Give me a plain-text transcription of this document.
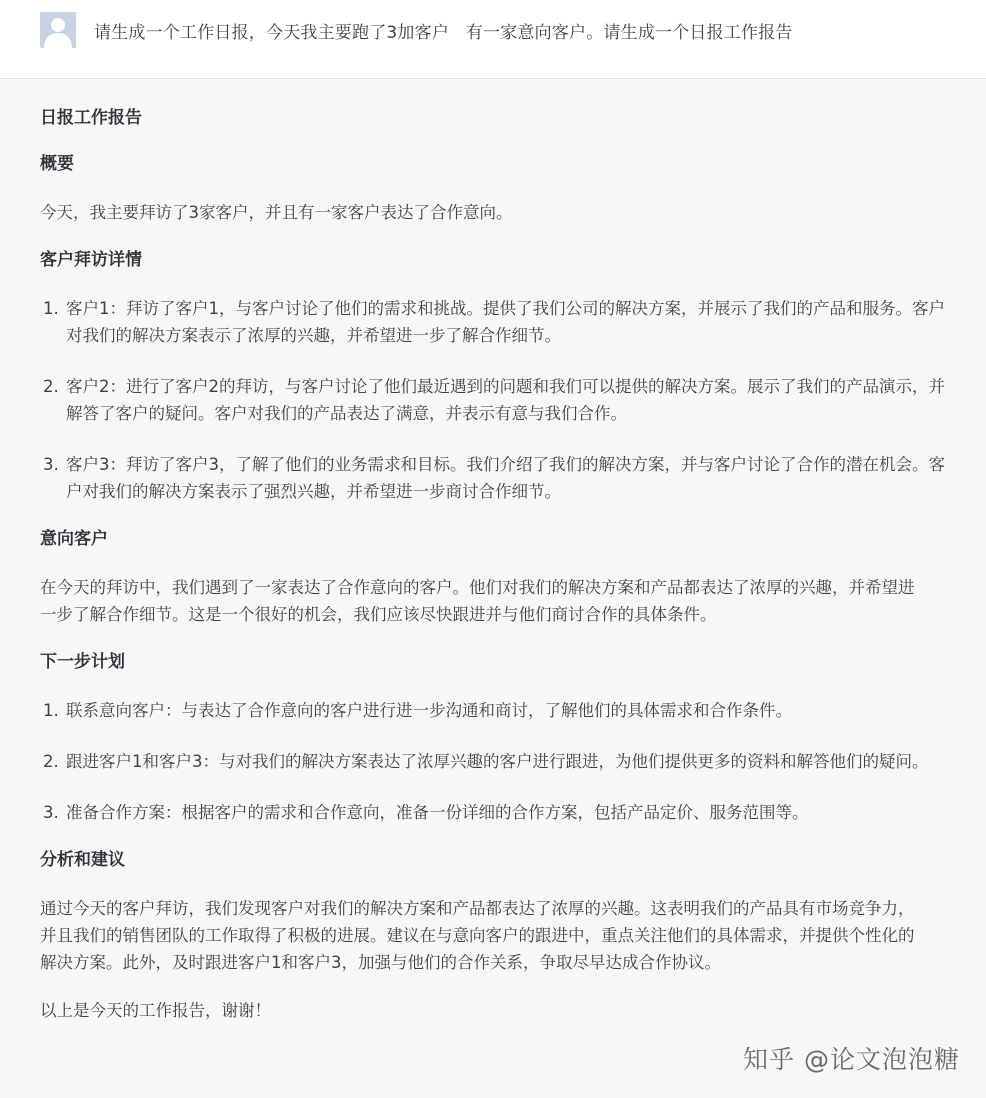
请生成一个工作日报，今天我主要跑了3加客户   有一家意向客户。请生成一个日报工作报告
日报工作报告
概要
今天，我主要拜访了3家客户，并且有一家客户表达了合作意向。
客户拜访详情
1. 客户1：拜访了客户1，与客户讨论了他们的需求和挑战。提供了我们公司的解决方案，并展示了我们的产品和服务。客户对我们的解决方案表示了浓厚的兴趣，并希望进一步了解合作细节。
2. 客户2：进行了客户2的拜访，与客户讨论了他们最近遇到的问题和我们可以提供的解决方案。展示了我们的产品演示，并解答了客户的疑问。客户对我们的产品表达了满意，并表示有意与我们合作。
3. 客户3：拜访了客户3，了解了他们的业务需求和目标。我们介绍了我们的解决方案，并与客户讨论了合作的潜在机会。客户对我们的解决方案表示了强烈兴趣，并希望进一步商讨合作细节。
意向客户
在今天的拜访中，我们遇到了一家表达了合作意向的客户。他们对我们的解决方案和产品都表达了浓厚的兴趣，并希望进一步了解合作细节。这是一个很好的机会，我们应该尽快跟进并与他们商讨合作的具体条件。
下一步计划
1. 联系意向客户：与表达了合作意向的客户进行进一步沟通和商讨，了解他们的具体需求和合作条件。
2. 跟进客户1和客户3：与对我们的解决方案表达了浓厚兴趣的客户进行跟进，为他们提供更多的资料和解答他们的疑问。
3. 准备合作方案：根据客户的需求和合作意向，准备一份详细的合作方案，包括产品定价、服务范围等。
分析和建议
通过今天的客户拜访，我们发现客户对我们的解决方案和产品都表达了浓厚的兴趣。这表明我们的产品具有市场竞争力，并且我们的销售团队的工作取得了积极的进展。建议在与意向客户的跟进中，重点关注他们的具体需求，并提供个性化的解决方案。此外，及时跟进客户1和客户3，加强与他们的合作关系，争取尽早达成合作协议。
以上是今天的工作报告，谢谢！
知乎 @论文泡泡糖
